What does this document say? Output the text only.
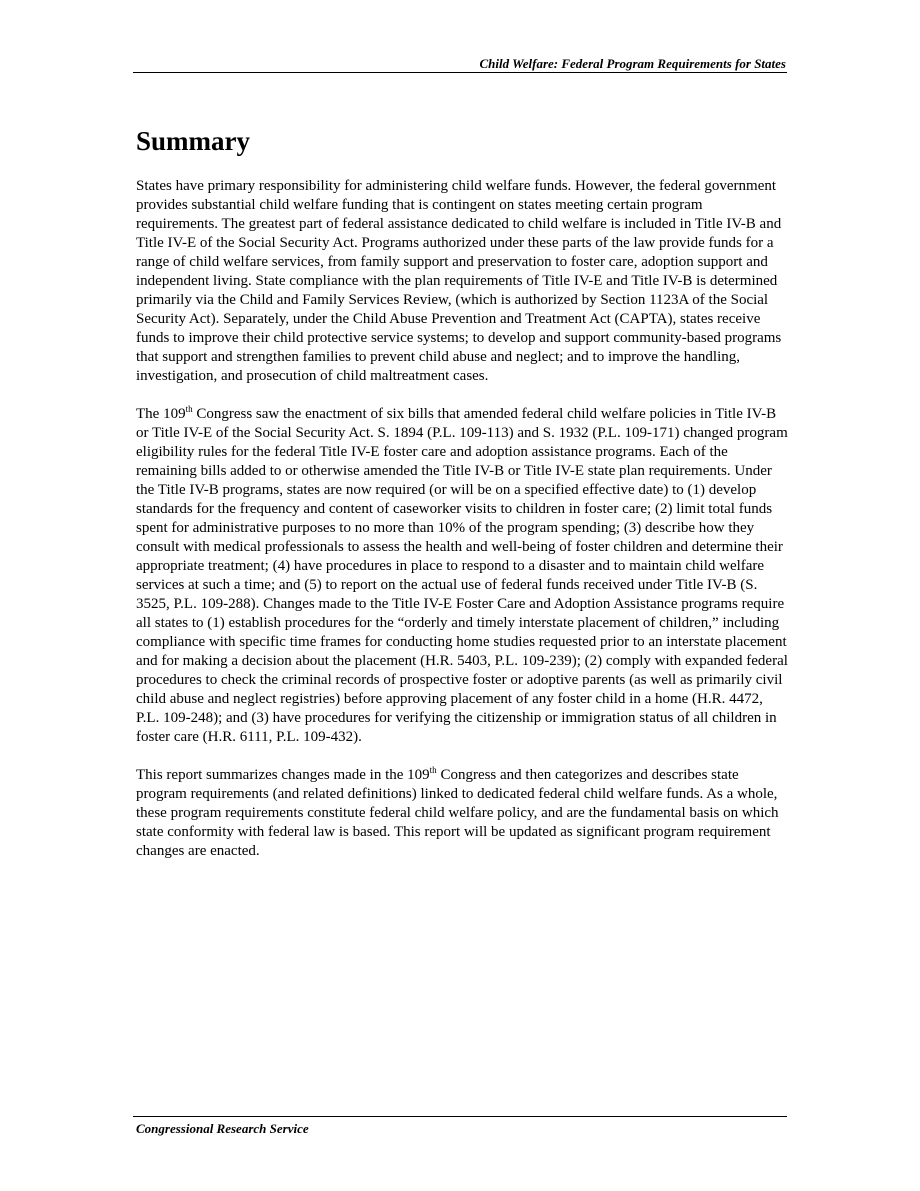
Child Welfare: Federal Program Requirements for States
Summary

States have primary responsibility for administering child welfare funds. However, the federal government provides substantial child welfare funding that is contingent on states meeting certain program requirements. The greatest part of federal assistance dedicated to child welfare is included in Title IV-B and Title IV-E of the Social Security Act. Programs authorized under these parts of the law provide funds for a range of child welfare services, from family support and preservation to foster care, adoption support and independent living. State compliance with the plan requirements of Title IV-E and Title IV-B is determined primarily via the Child and Family Services Review, (which is authorized by Section 1123A of the Social Security Act). Separately, under the Child Abuse Prevention and Treatment Act (CAPTA), states receive funds to improve their child protective service systems; to develop and support community-based programs that support and strengthen families to prevent child abuse and neglect; and to improve the handling, investigation, and prosecution of child maltreatment cases.

The 109th Congress saw the enactment of six bills that amended federal child welfare policies in Title IV-B or Title IV-E of the Social Security Act. S. 1894 (P.L. 109-113) and S. 1932 (P.L. 109-171) changed program eligibility rules for the federal Title IV-E foster care and adoption assistance programs. Each of the remaining bills added to or otherwise amended the Title IV-B or Title IV-E state plan requirements. Under the Title IV-B programs, states are now required (or will be on a specified effective date) to (1) develop standards for the frequency and content of caseworker visits to children in foster care; (2) limit total funds spent for administrative purposes to no more than 10% of the program spending; (3) describe how they consult with medical professionals to assess the health and well-being of foster children and determine their appropriate treatment; (4) have procedures in place to respond to a disaster and to maintain child welfare services at such a time; and (5) to report on the actual use of federal funds received under Title IV-B (S. 3525, P.L. 109-288). Changes made to the Title IV-E Foster Care and Adoption Assistance programs require all states to (1) establish procedures for the “orderly and timely interstate placement of children,” including compliance with specific time frames for conducting home studies requested prior to an interstate placement and for making a decision about the placement (H.R. 5403, P.L. 109-239); (2) comply with expanded federal procedures to check the criminal records of prospective foster or adoptive parents (as well as primarily civil child abuse and neglect registries) before approving placement of any foster child in a home (H.R. 4472, P.L. 109-248); and (3) have procedures for verifying the citizenship or immigration status of all children in foster care (H.R. 6111, P.L. 109-432).

This report summarizes changes made in the 109th Congress and then categorizes and describes state program requirements (and related definitions) linked to dedicated federal child welfare funds. As a whole, these program requirements constitute federal child welfare policy, and are the fundamental basis on which state conformity with federal law is based. This report will be updated as significant program requirement changes are enacted.

Congressional Research Service
